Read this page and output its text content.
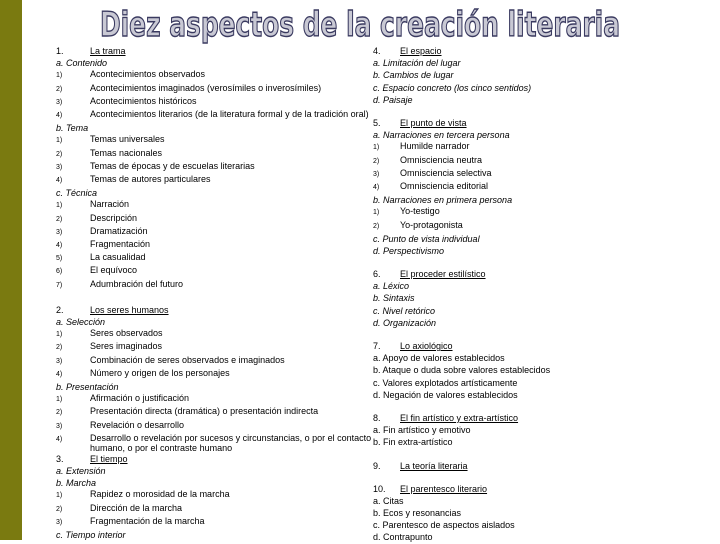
Diez aspectos de la creación literaria
1.	La trama
a. Contenido
1)	Acontecimientos observados
2)	Acontecimientos imaginados (verosímiles o inverosímiles)
3)	Acontecimientos históricos
4)	Acontecimientos literarios (de la literatura formal y de la tradición oral)
b. Tema
1)	Temas universales
2)	Temas nacionales
3)	Temas de épocas y de escuelas literarias
4)	Temas de autores particulares
c. Técnica
1)	Narración
2)	Descripción
3)	Dramatización
4)	Fragmentación
5)	La casualidad
6)	El equívoco
7)	Adumbración del futuro
2.	Los seres humanos
a. Selección
1)	Seres observados
2)	Seres imaginados
3)	Combinación de seres observados e imaginados
4)	Número y origen de los personajes
b. Presentación
1)	Afirmación o justificación
2)	Presentación directa (dramática) o presentación indirecta
3)	Revelación o desarrollo
4)	Desarrollo o revelación por sucesos y circunstancias, o por el contacto humano, o por el contraste humano
3.	El tiempo
a. Extensión
b. Marcha
1)	Rapidez o morosidad de la marcha
2)	Dirección de la marcha
3)	Fragmentación de la marcha
c. Tiempo interior
4. El espacio
a. Limitación del lugar
b. Cambios de lugar
c. Espacio concreto (los cinco sentidos)
d. Paisaje
5. El punto de vista
a. Narraciones en tercera persona
1)	Humilde narrador
2)	Omnisciencia neutra
3)	Omnisciencia selectiva
4)	Omnisciencia editorial
b. Narraciones en primera persona
1)	Yo-testigo
2)	Yo-protagonista
c. Punto de vista individual
d. Perspectivismo
6. El proceder estilístico
a. Léxico
b. Sintaxis
c. Nivel retórico
d. Organización
7. Lo axiológico
a. Apoyo de valores establecidos
b. Ataque o duda sobre valores establecidos
c. Valores explotados artísticamente
d. Negación de valores establecidos
8. El fin artístico y extra-artístico
a. Fin artístico y emotivo
b. Fin extra-artístico
9. La teoría literaria
10. El parentesco literario
a. Citas
b. Ecos y resonancias
c. Parentesco de aspectos aislados
d. Contrapunto
